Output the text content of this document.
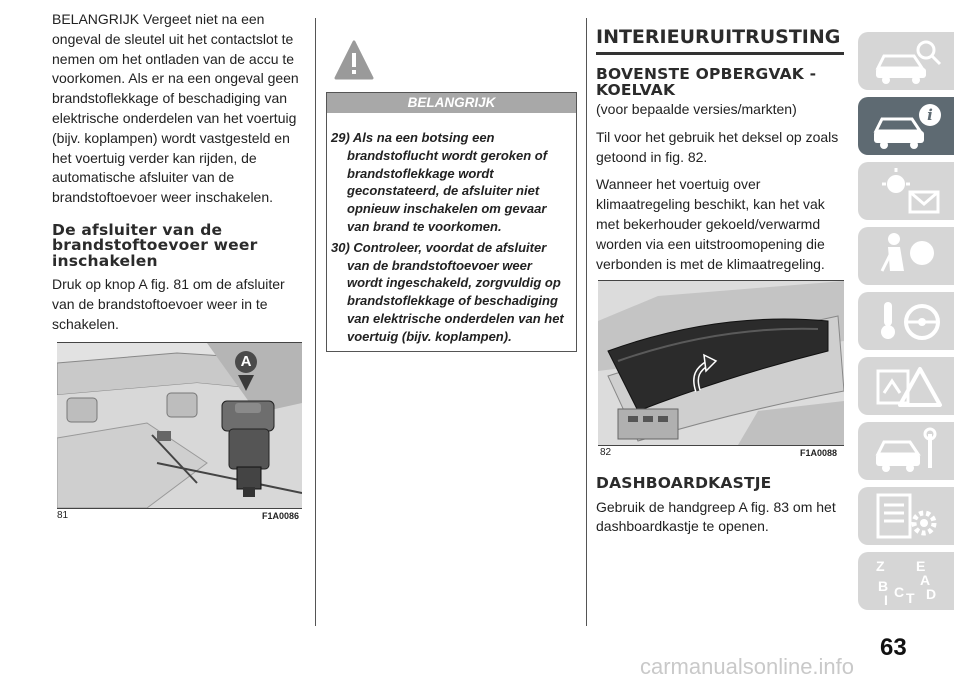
BELANGRIJK Vergeet niet na een ongeval de sleutel uit het contactslot te nemen om het ontladen van de accu te voorkomen. Als er na een ongeval geen brandstoflekkage of beschadiging van elektrische onderdelen van het voertuig (bijv. koplampen) wordt vastgesteld en het voertuig verder kan rijden, de automatische afsluiter van de brandstoftoevoer weer inschakelen.

De afsluiter van de brandstoftoevoer weer inschakelen

Druk op knop A fig. 81 om de afsluiter van de brandstoftoevoer weer in te schakelen.

A
81	F1A0086
BELANGRIJK
29) Als na een botsing een brandstoflucht wordt geroken of brandstoflekkage wordt geconstateerd, de afsluiter niet opnieuw inschakelen om gevaar van brand te voorkomen.
30) Controleer, voordat de afsluiter van de brandstoftoevoer weer wordt ingeschakeld, zorgvuldig op brandstoflekkage of beschadiging van elektrische onderdelen van het voertuig (bijv. koplampen).
INTERIEURUITRUSTING
BOVENSTE OPBERGVAK - KOELVAK

(voor bepaalde versies/markten)

Til voor het gebruik het deksel op zoals getoond in fig. 82.

Wanneer het voertuig over klimaatregeling beschikt, kan het vak met bekerhouder gekoeld/verwarmd worden via een uitstroomopening die verbonden is met de klimaatregeling.

82	F1A0088
DASHBOARDKASTJE

Gebruik de handgreep A fig. 83 om het dashboardkastje te openen.

i
Z E
A
B C D
I T
63
carmanualsonline.info
